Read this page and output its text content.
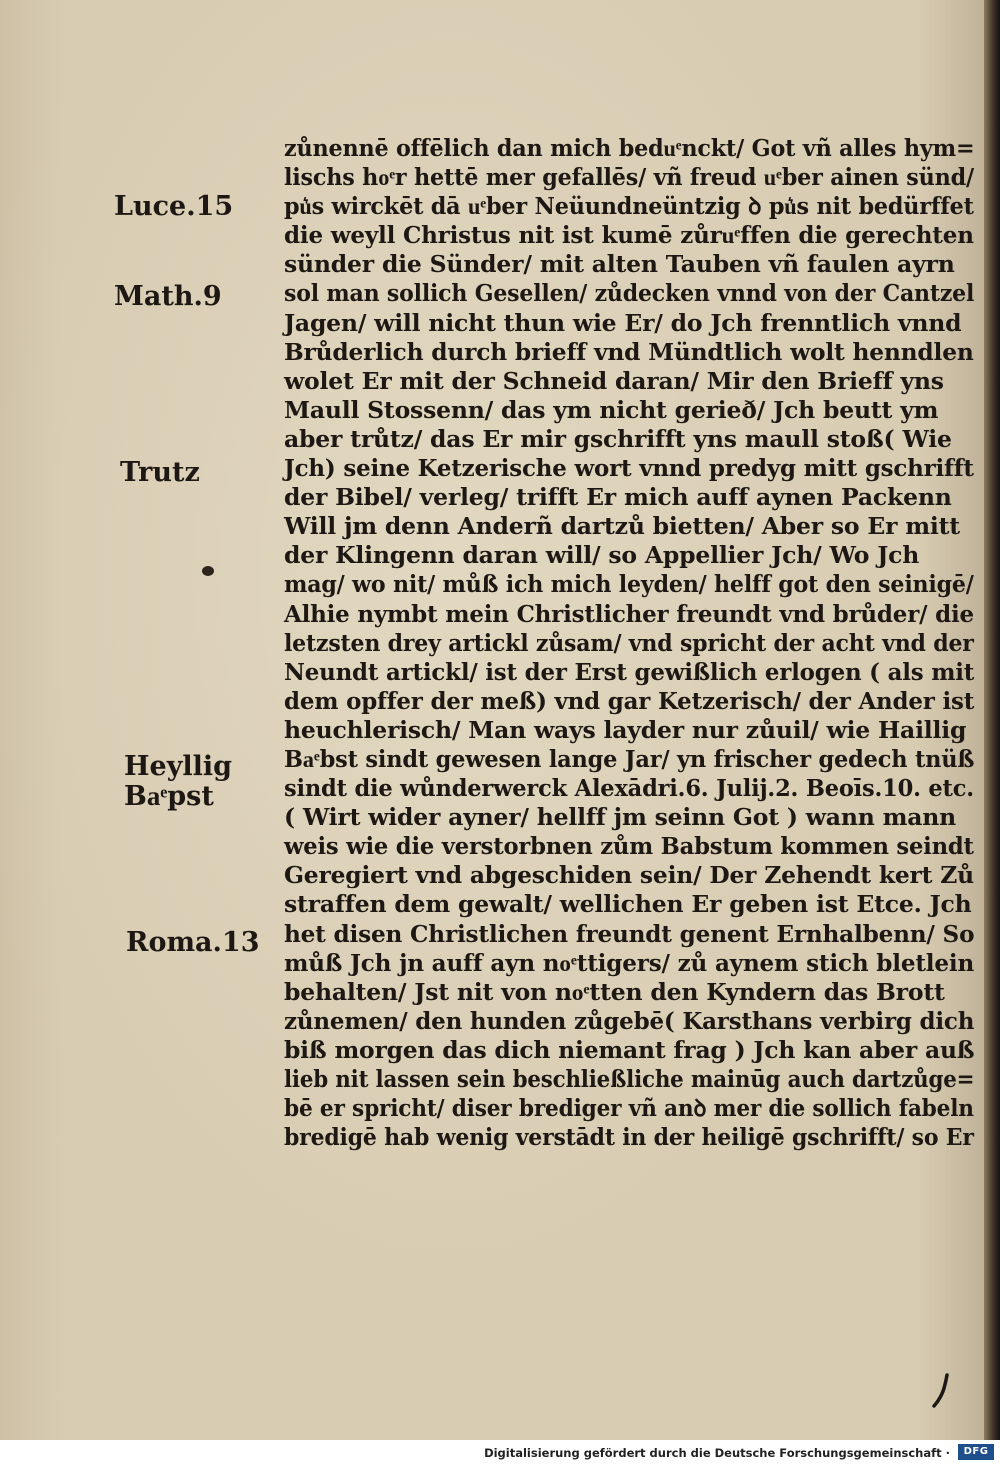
zůnennē offēlich dan mich beduͤnckt/ Got vñ alles hym=
lischs hoͤr hettē mer gefallēs/ vñ freud uͤber ainen sünd/
pu͛s wirckēt dā uͤber Neüundneüntzig ꝺ pu͛s nit bedürffet
die weyll Christus nit ist kumē zůruͤffen die gerechten
sünder die Sünder/ mit alten Tauben vñ faulen ayrn
sol man sollich Gesellen/ zůdecken vnnd von der Cantzel
Jagen/ will nicht thun wie Er/ do Jch frenntlich vnnd
Brůderlich durch brieff vnd Mündtlich wolt henndlen
wolet Er mit der Schneid daran/ Mir den Brieff yns
Maull Stossenn/ das ym nicht gerieð/ Jch beutt ym
aber trůtz/ das Er mir gschrifft yns maull stoß( Wie
Jch) seine Ketzerische wort vnnd predyg mitt gschrifft
der Bibel/ verleg/ trifft Er mich auff aynen Packenn
Will jm denn Anderñ dartzů bietten/ Aber so Er mitt
der Klingenn daran will/ so Appellier Jch/ Wo Jch
mag/ wo nit/ můß ich mich leyden/ helff got den seinigē/
Alhie nymbt mein Christlicher freundt vnd brůder/ die
letzsten drey artickl zůsam/ vnd spricht der acht vnd der
Neundt artickl/ ist der Erst gewißlich erlogen ( als mit
dem opffer der meß) vnd gar Ketzerisch/ der Ander ist
heuchlerisch/ Man ways layder nur zůuil/ wie Haillig
Baͤbst sindt gewesen lange Jar/ yn frischer gedech tnüß
sindt die wůnderwerck Alexādri.6. Julij.2. Beoīs.10. etc.
( Wirt wider ayner/ hellff jm seinn Got ) wann mann
weis wie die verstorbnen zům Babstum kommen seindt
Geregiert vnd abgeschiden sein/ Der Zehendt kert Zů
straffen dem gewalt/ wellichen Er geben ist Etce. Jch
het disen Christlichen freundt genent Ernhalbenn/ So
můß Jch jn auff ayn noͤttigers/ zů aynem stich bletlein
behalten/ Jst nit von noͤtten den Kyndern das Brott
zůnemen/ den hunden zůgebē( Karsthans verbirg dich
biß morgen das dich niemant frag ) Jch kan aber auß
lieb nit lassen sein beschließliche mainūg auch dartzůge=
bē er spricht/ diser brediger vñ anꝺ mer die sollich fabeln
bredigē hab wenig verstādt in der heiligē gschrifft/ so Er
Luce.15
Math.9
Trutz
Heyllig
Baͤpst
Roma.13
Digitalisierung gefördert durch die Deutsche Forschungsgemeinschaft ·	DFG
